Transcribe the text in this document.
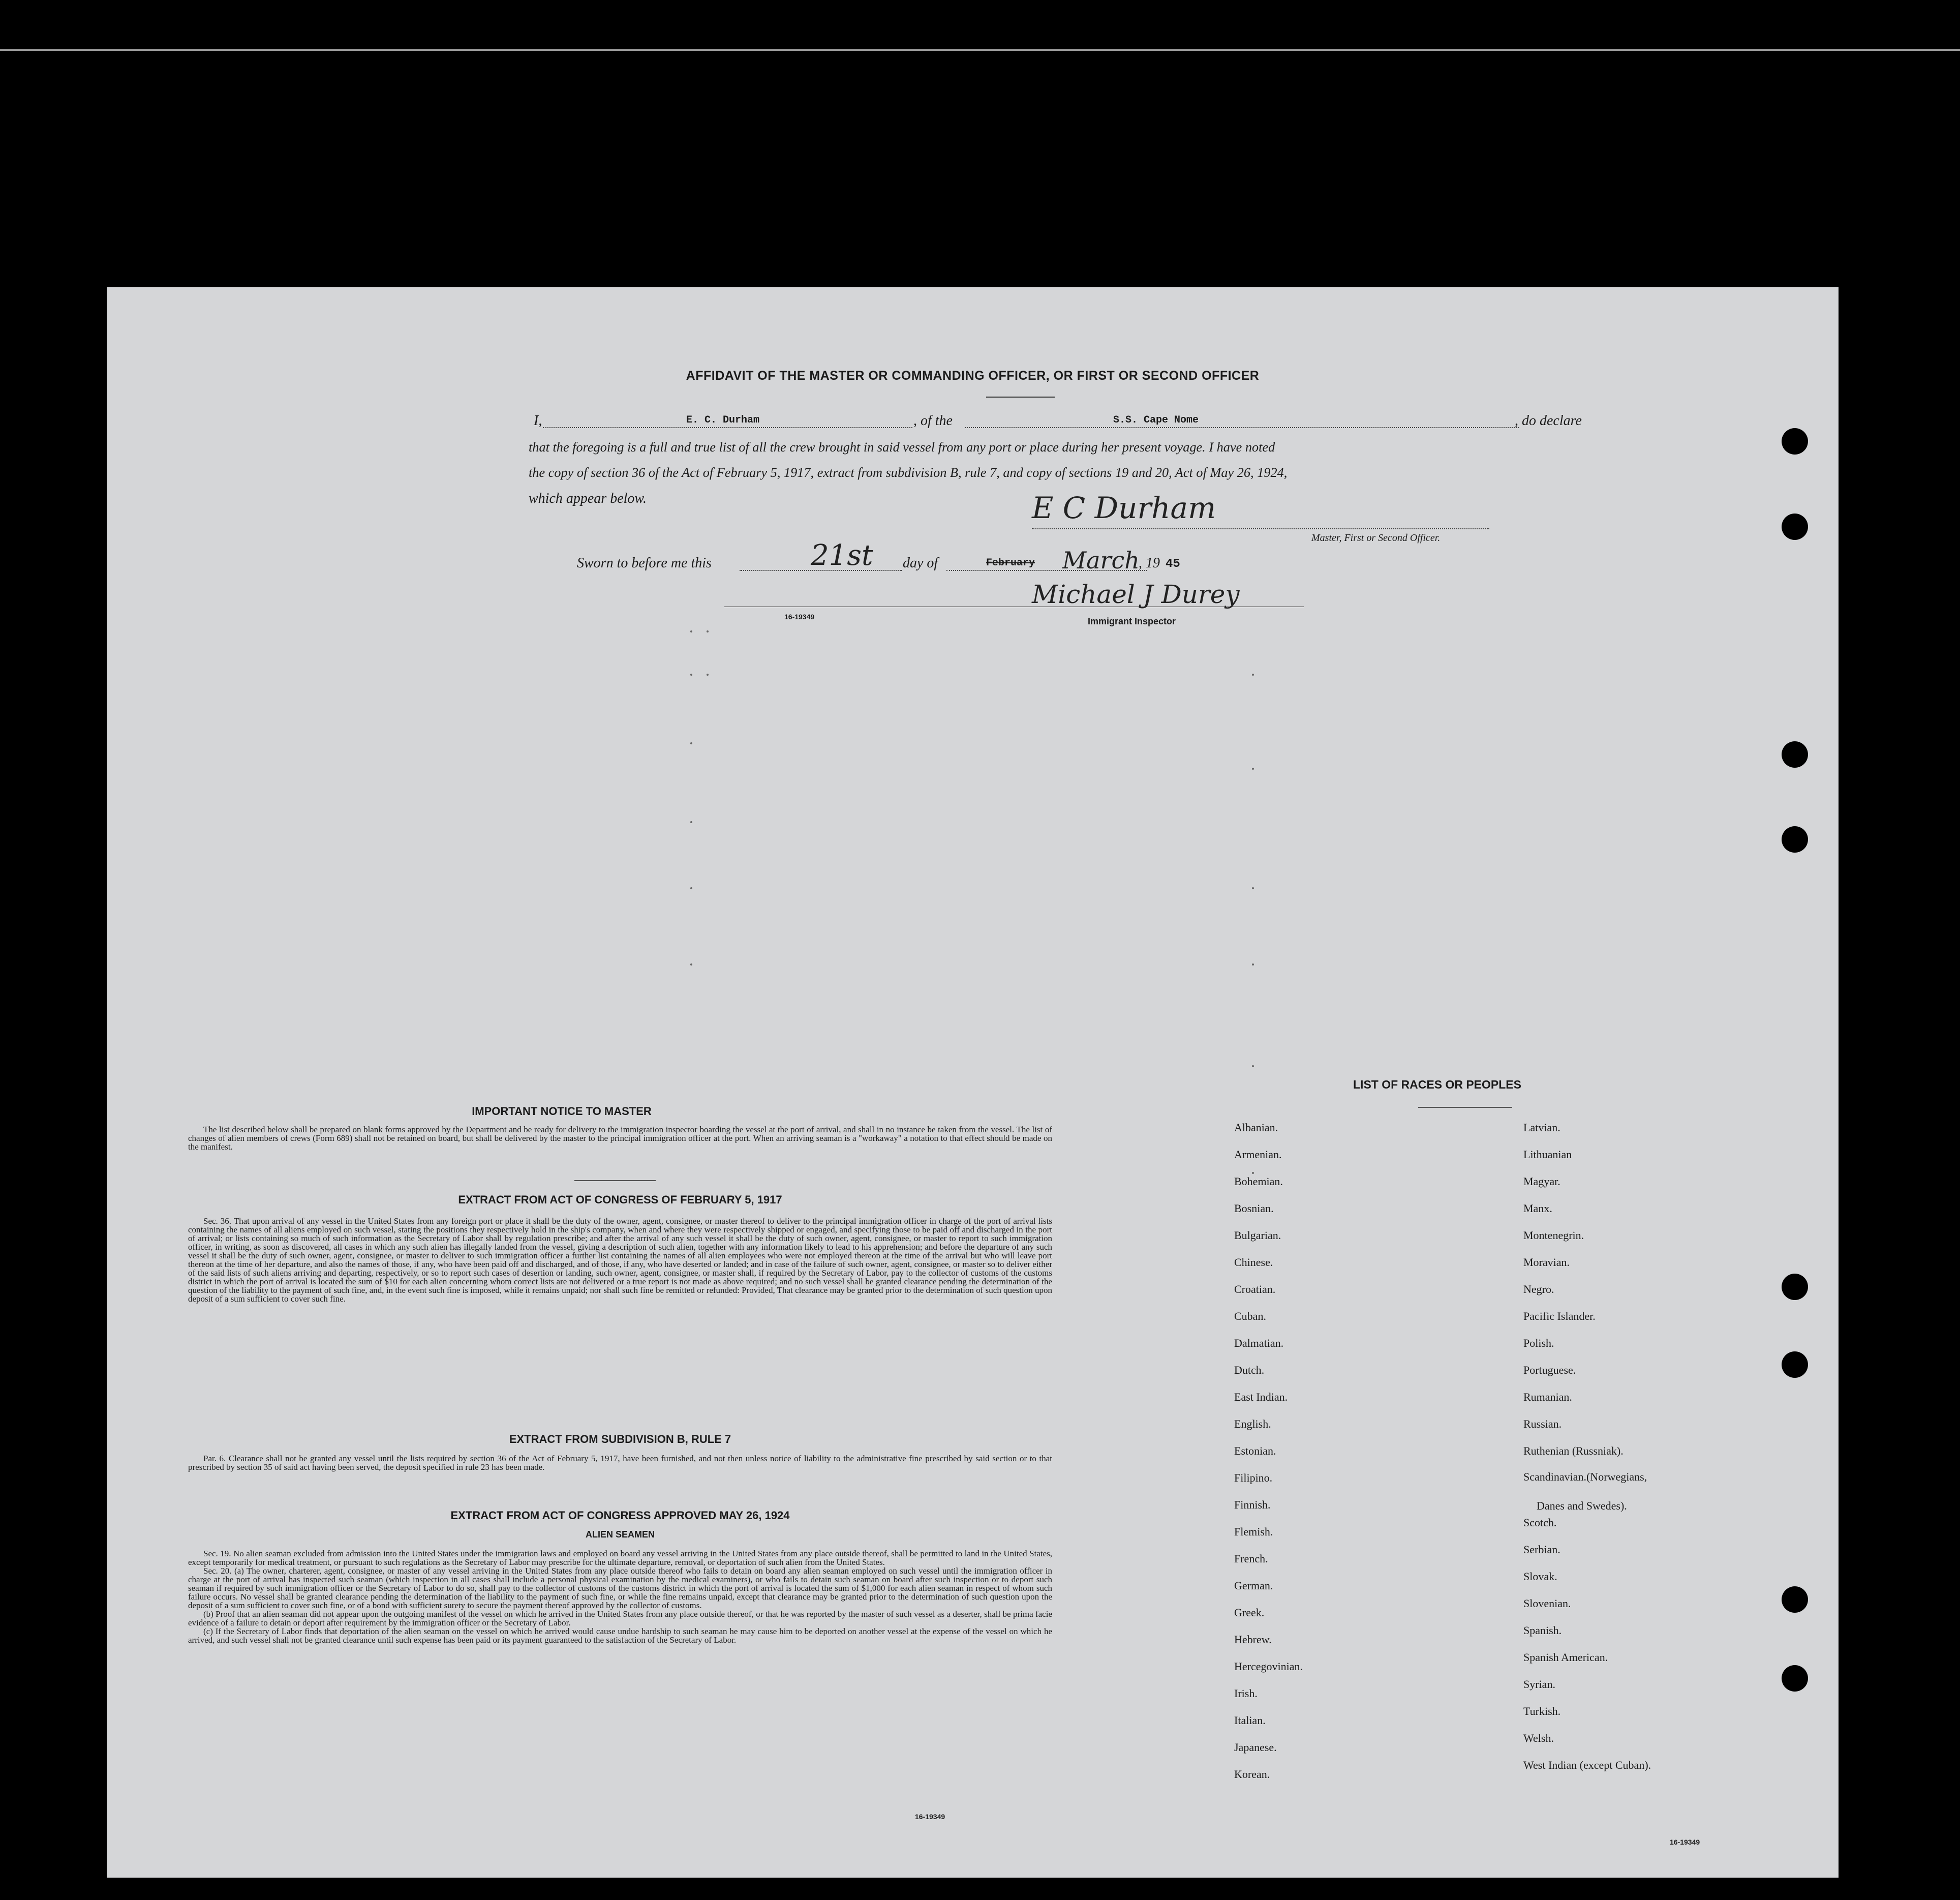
AFFIDAVIT OF THE MASTER OR COMMANDING OFFICER, OR FIRST OR SECOND OFFICER
I,	E. C. Durham	, of the	S.S. Cape Nome	, do declare
that the foregoing is a full and true list of all the crew brought in said vessel from any port or place during her present voyage. I have noted
the copy of section 36 of the Act of February 5, 1917, extract from subdivision B, rule 7, and copy of sections 19 and 20, Act of May 26, 1924,
which appear below.	E C Durham
Master, First or Second Officer.
Sworn to before me this	21st day of	February March
, 19 45
16-19349
Michael J Durey
Immigrant Inspector
IMPORTANT NOTICE TO MASTER

The list described below shall be prepared on blank forms approved by the Department and be ready for delivery to the immigration inspector boarding the vessel at the port of arrival, and shall in no instance be taken from the vessel. The list of changes of alien members of crews (Form 689) shall not be retained on board, but shall be delivered by the master to the principal immigration officer at the port. When an arriving seaman is a "workaway" a notation to that effect should be made on the manifest.

EXTRACT FROM ACT OF CONGRESS OF FEBRUARY 5, 1917

Sec. 36. That upon arrival of any vessel in the United States from any foreign port or place it shall be the duty of the owner, agent, consignee, or master thereof to deliver to the principal immigration officer in charge of the port of arrival lists containing the names of all aliens employed on such vessel, stating the positions they respectively hold in the ship's company, when and where they were respectively shipped or engaged, and specifying those to be paid off and discharged in the port of arrival; or lists containing so much of such information as the Secretary of Labor shall by regulation prescribe; and after the arrival of any such vessel it shall be the duty of such owner, agent, consignee, or master to report to such immigration officer, in writing, as soon as discovered, all cases in which any such alien has illegally landed from the vessel, giving a description of such alien, together with any information likely to lead to his apprehension; and before the departure of any such vessel it shall be the duty of such owner, agent, consignee, or master to deliver to such immigration officer a further list containing the names of all alien employees who were not employed thereon at the time of the arrival but who will leave port thereon at the time of her departure, and also the names of those, if any, who have been paid off and discharged, and of those, if any, who have deserted or landed; and in case of the failure of such owner, agent, consignee, or master so to deliver either of the said lists of such aliens arriving and departing, respectively, or so to report such cases of desertion or landing, such owner, agent, consignee, or master shall, if required by the Secretary of Labor, pay to the collector of customs of the customs district in which the port of arrival is located the sum of $10 for each alien concerning whom correct lists are not delivered or a true report is not made as above required; and no such vessel shall be granted clearance pending the determination of the question of the liability to the payment of such fine, and, in the event such fine is imposed, while it remains unpaid; nor shall such fine be remitted or refunded: Provided, That clearance may be granted prior to the determination of such question upon deposit of a sum sufficient to cover such fine.

EXTRACT FROM SUBDIVISION B, RULE 7

Par. 6. Clearance shall not be granted any vessel until the lists required by section 36 of the Act of February 5, 1917, have been furnished, and not then unless notice of liability to the administrative fine prescribed by said section or to that prescribed by section 35 of said act having been served, the deposit specified in rule 23 has been made.

EXTRACT FROM ACT OF CONGRESS APPROVED MAY 26, 1924
ALIEN SEAMEN

Sec. 19. No alien seaman excluded from admission into the United States under the immigration laws and employed on board any vessel arriving in the United States from any place outside thereof, shall be permitted to land in the United States, except temporarily for medical treatment, or pursuant to such regulations as the Secretary of Labor may prescribe for the ultimate departure, removal, or deportation of such alien from the United States.

Sec. 20. (a) The owner, charterer, agent, consignee, or master of any vessel arriving in the United States from any place outside thereof who fails to detain on board any alien seaman employed on such vessel until the immigration officer in charge at the port of arrival has inspected such seaman (which inspection in all cases shall include a personal physical examination by the medical examiners), or who fails to detain such seaman on board after such inspection or to deport such seaman if required by such immigration officer or the Secretary of Labor to do so, shall pay to the collector of customs of the customs district in which the port of arrival is located the sum of $1,000 for each alien seaman in respect of whom such failure occurs. No vessel shall be granted clearance pending the determination of the liability to the payment of such fine, or while the fine remains unpaid, except that clearance may be granted prior to the determination of such question upon the deposit of a sum sufficient to cover such fine, or of a bond with sufficient surety to secure the payment thereof approved by the collector of customs.

(b) Proof that an alien seaman did not appear upon the outgoing manifest of the vessel on which he arrived in the United States from any place outside thereof, or that he was reported by the master of such vessel as a deserter, shall be prima facie evidence of a failure to detain or deport after requirement by the immigration officer or the Secretary of Labor.

(c) If the Secretary of Labor finds that deportation of the alien seaman on the vessel on which he arrived would cause undue hardship to such seaman he may cause him to be deported on another vessel at the expense of the vessel on which he arrived, and such vessel shall not be granted clearance until such expense has been paid or its payment guaranteed to the satisfaction of the Secretary of Labor.

16-19349
LIST OF RACES OR PEOPLES
Albanian.
Armenian.
Bohemian.
Bosnian.
Bulgarian.
Chinese.
Croatian.
Cuban.
Dalmatian.
Dutch.
East Indian.
English.
Estonian.
Filipino.
Finnish.
Flemish.
French.
German.
Greek.
Hebrew.
Hercegovinian.
Irish.
Italian.
Japanese.
Korean.
Latvian.
Lithuanian
Magyar.
Manx.
Montenegrin.
Moravian.
Negro.
Pacific Islander.
Polish.
Portuguese.
Rumanian.
Russian.
Ruthenian (Russniak).
Scandinavian.(Norwegians,
Danes and Swedes).
Scotch.
Serbian.
Slovak.
Slovenian.
Spanish.
Spanish American.
Syrian.
Turkish.
Welsh.
West Indian (except Cuban).
16-19349
